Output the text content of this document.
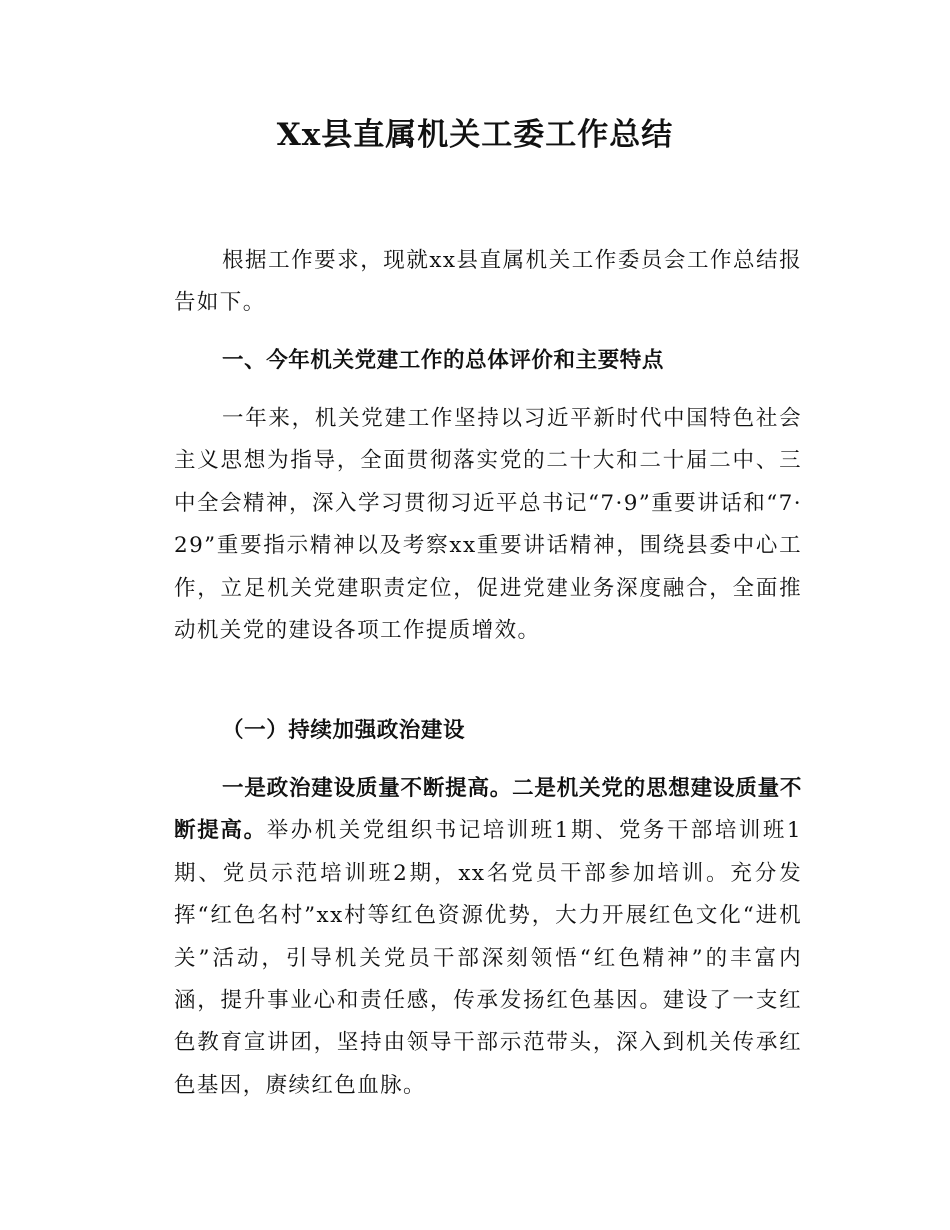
Xx县直属机关工委工作总结

根据工作要求，现就xx县直属机关工作委员会工作总结报告如下。

一、今年机关党建工作的总体评价和主要特点

一年来，机关党建工作坚持以习近平新时代中国特色社会主义思想为指导，全面贯彻落实党的二十大和二十届二中、三中全会精神，深入学习贯彻习近平总书记“7·9”重要讲话和“7·29”重要指示精神以及考察xx重要讲话精神，围绕县委中心工作，立足机关党建职责定位，促进党建业务深度融合，全面推动机关党的建设各项工作提质增效。

（一）持续加强政治建设

一是政治建设质量不断提高。二是机关党的思想建设质量不断提高。举办机关党组织书记培训班1期、党务干部培训班1期、党员示范培训班2期，xx名党员干部参加培训。充分发挥“红色名村”xx村等红色资源优势，大力开展红色文化“进机关”活动，引导机关党员干部深刻领悟“红色精神”的丰富内涵，提升事业心和责任感，传承发扬红色基因。建设了一支红色教育宣讲团，坚持由领导干部示范带头，深入到机关传承红色基因，赓续红色血脉。
